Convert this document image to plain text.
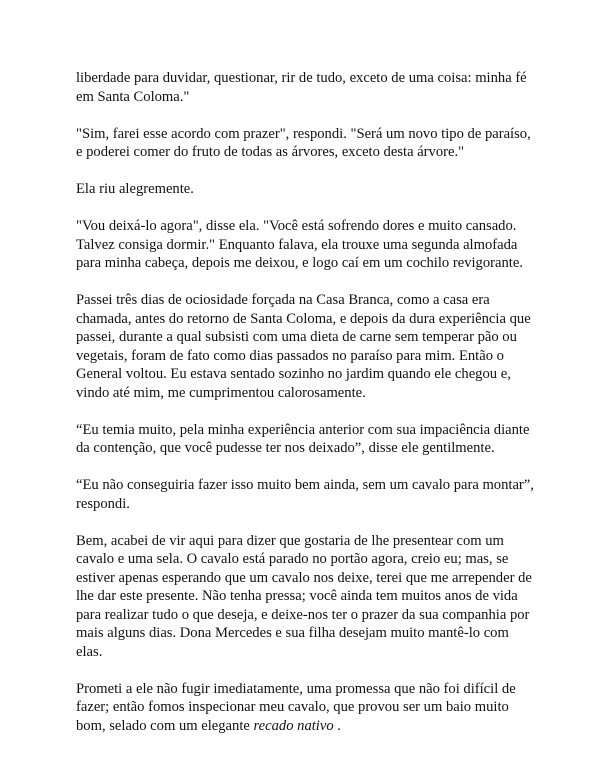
liberdade para duvidar, questionar, rir de tudo, exceto de uma coisa: minha fé em Santa Coloma."

"Sim, farei esse acordo com prazer", respondi. "Será um novo tipo de paraíso, e poderei comer do fruto de todas as árvores, exceto desta árvore."

Ela riu alegremente.

"Vou deixá-lo agora", disse ela. "Você está sofrendo dores e muito cansado. Talvez consiga dormir." Enquanto falava, ela trouxe uma segunda almofada para minha cabeça, depois me deixou, e logo caí em um cochilo revigorante.

Passei três dias de ociosidade forçada na Casa Branca, como a casa era chamada, antes do retorno de Santa Coloma, e depois da dura experiência que passei, durante a qual subsisti com uma dieta de carne sem temperar pão ou vegetais, foram de fato como dias passados no paraíso para mim. Então o General voltou. Eu estava sentado sozinho no jardim quando ele chegou e, vindo até mim, me cumprimentou calorosamente.

“Eu temia muito, pela minha experiência anterior com sua impaciência diante da contenção, que você pudesse ter nos deixado”, disse ele gentilmente.

“Eu não conseguiria fazer isso muito bem ainda, sem um cavalo para montar”, respondi.

Bem, acabei de vir aqui para dizer que gostaria de lhe presentear com um cavalo e uma sela. O cavalo está parado no portão agora, creio eu; mas, se estiver apenas esperando que um cavalo nos deixe, terei que me arrepender de lhe dar este presente. Não tenha pressa; você ainda tem muitos anos de vida para realizar tudo o que deseja, e deixe-nos ter o prazer da sua companhia por mais alguns dias. Dona Mercedes e sua filha desejam muito mantê-lo com elas.

Prometi a ele não fugir imediatamente, uma promessa que não foi difícil de fazer; então fomos inspecionar meu cavalo, que provou ser um baio muito bom, selado com um elegante recado nativo .
